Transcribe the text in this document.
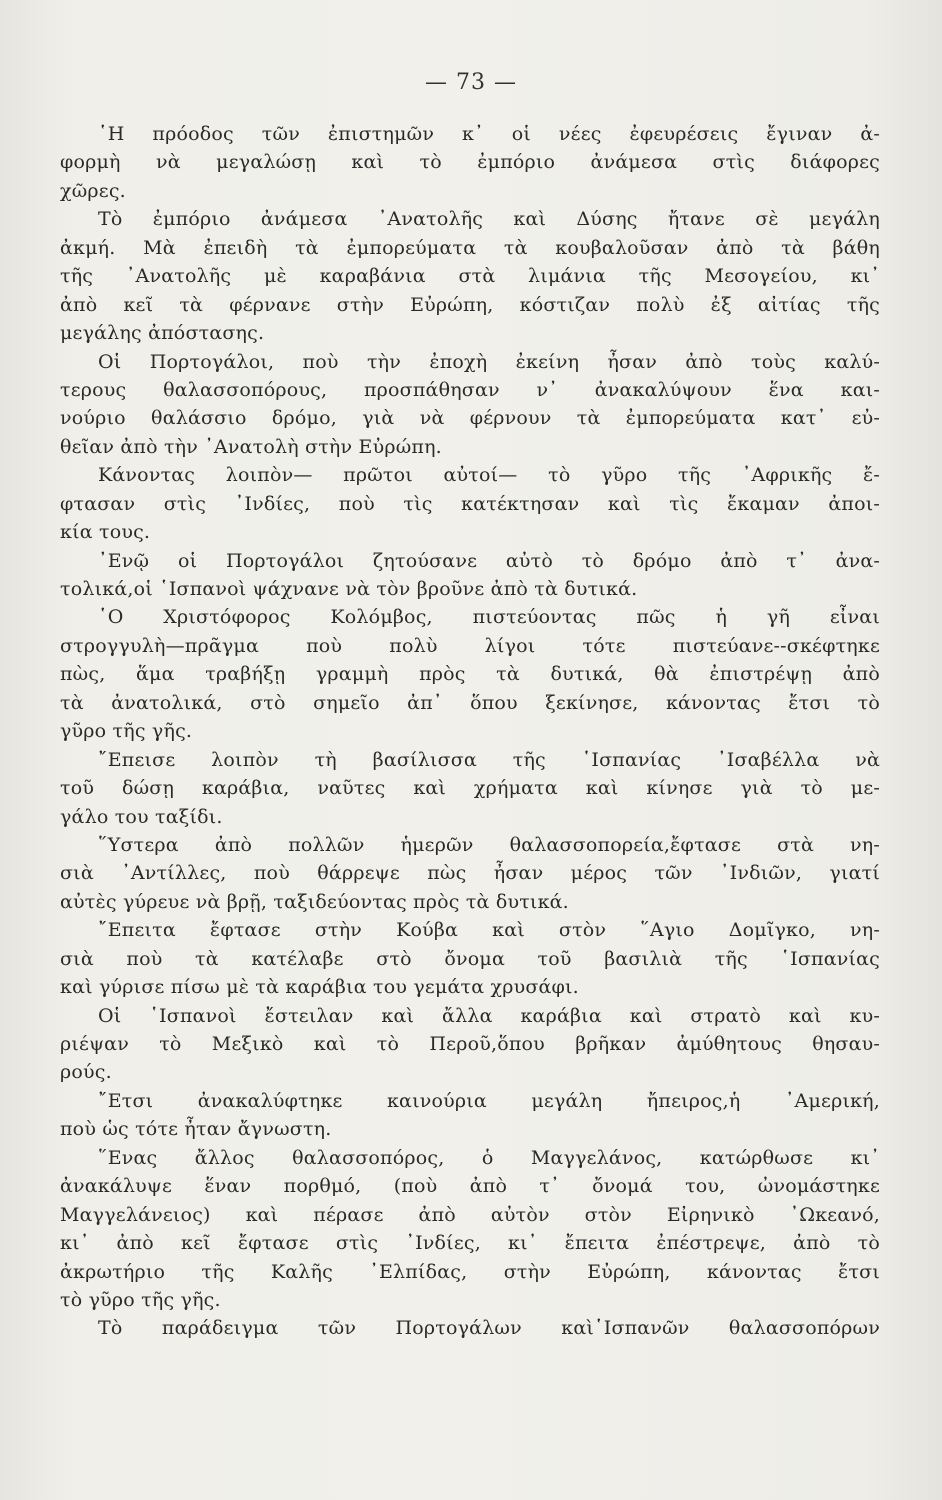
— 73 —
῾Η πρόοδος τῶν ἐπιστημῶν κ᾿ οἱ νέες ἐφευρέσεις ἔγιναν ἀ-
φορμὴ νὰ μεγαλώσῃ καὶ τὸ ἐμπόριο ἀνάμεσα στὶς διάφορες
χῶρες.
Τὸ ἐμπόριο ἀνάμεσα ᾿Ανατολῆς καὶ Δύσης ἤτανε σὲ μεγάλη
ἀκμή. Μὰ ἐπειδὴ τὰ ἐμπορεύματα τὰ κουβαλοῦσαν ἀπὸ τὰ βάθη
τῆς ᾿Ανατολῆς μὲ καραβάνια στὰ λιμάνια τῆς Μεσογείου, κι᾿
ἀπὸ κεῖ τὰ φέρνανε στὴν Εὐρώπη, κόστιζαν πολὺ ἐξ αἰτίας τῆς
μεγάλης ἀπόστασης.
Οἱ Πορτογάλοι, ποὺ τὴν ἐποχὴ ἐκείνη ἦσαν ἀπὸ τοὺς καλύ-
τερους θαλασσοπόρους, προσπάθησαν ν᾿ ἀνακαλύψουν ἕνα και-
νούριο θαλάσσιο δρόμο, γιὰ νὰ φέρνουν τὰ ἐμπορεύματα κατ᾿ εὐ-
θεῖαν ἀπὸ τὴν ᾿Ανατολὴ στὴν Εὐρώπη.
Κάνοντας λοιπὸν— πρῶτοι αὐτοί— τὸ γῦρο τῆς ᾿Αφρικῆς ἔ-
φτασαν στὶς ᾿Ινδίες, ποὺ τὶς κατέκτησαν καὶ τὶς ἔκαμαν ἀποι-
κία τους.
᾿Ενῷ οἱ Πορτογάλοι ζητούσανε αὐτὸ τὸ δρόμο ἀπὸ τ᾿ ἀνα-
τολικά,οἱ ῾Ισπανοὶ ψάχνανε νὰ τὸν βροῦνε ἀπὸ τὰ δυτικά.
῾Ο Χριστόφορος Κολόμβος, πιστεύοντας πῶς ἡ γῆ εἶναι
στρογγυλὴ—πρᾶγμα ποὺ πολὺ λίγοι τότε πιστεύανε--σκέφτηκε
πὼς, ἅμα τραβήξῃ γραμμὴ πρὸς τὰ δυτικά, θὰ ἐπιστρέψῃ ἀπὸ
τὰ ἀνατολικά, στὸ σημεῖο ἀπ᾿ ὅπου ξεκίνησε, κάνοντας ἔτσι τὸ
γῦρο τῆς γῆς.
῎Επεισε λοιπὸν τὴ βασίλισσα τῆς ῾Ισπανίας ᾿Ισαβέλλα νὰ
τοῦ δώσῃ καράβια, ναῦτες καὶ χρήματα καὶ κίνησε γιὰ τὸ με-
γάλο του ταξίδι.
῞Υστερα ἀπὸ πολλῶν ἡμερῶν θαλασσοπορεία,ἔφτασε στὰ νη-
σιὰ ᾿Αντίλλες, ποὺ θάρρεψε πὼς ἦσαν μέρος τῶν ᾿Ινδιῶν, γιατί
αὐτὲς γύρευε νὰ βρῇ, ταξιδεύοντας πρὸς τὰ δυτικά.
῎Επειτα ἔφτασε στὴν Κούβα καὶ στὸν ῞Αγιο Δομῖγκο, νη-
σιὰ ποὺ τὰ κατέλαβε στὸ ὄνομα τοῦ βασιλιὰ τῆς ῾Ισπανίας
καὶ γύρισε πίσω μὲ τὰ καράβια του γεμάτα χρυσάφι.
Οἱ ῾Ισπανοὶ ἔστειλαν καὶ ἄλλα καράβια καὶ στρατὸ καὶ κυ-
ριέψαν τὸ Μεξικὸ καὶ τὸ Περοῦ,ὅπου βρῆκαν ἀμύθητους θησαυ-
ρούς.
῎Ετσι ἀνακαλύφτηκε καινούρια μεγάλη ἤπειρος,ἡ ᾿Αμερική,
ποὺ ὡς τότε ἦταν ἄγνωστη.
῞Ενας ἄλλος θαλασσοπόρος, ὁ Μαγγελάνος, κατώρθωσε κι᾿
ἀνακάλυψε ἕναν πορθμό, (ποὺ ἀπὸ τ᾿ ὄνομά του, ὠνομάστηκε
Μαγγελάνειος) καὶ πέρασε ἀπὸ αὐτὸν στὸν Εἰρηνικὸ ᾿Ωκεανό,
κι᾿ ἀπὸ κεῖ ἔφτασε στὶς ᾿Ινδίες, κι᾿ ἔπειτα ἐπέστρεψε, ἀπὸ τὸ
ἀκρωτήριο τῆς Καλῆς ᾿Ελπίδας, στὴν Εὐρώπη, κάνοντας ἔτσι
τὸ γῦρο τῆς γῆς.
Τὸ παράδειγμα τῶν Πορτογάλων καὶ῾Ισπανῶν θαλασσοπόρων
